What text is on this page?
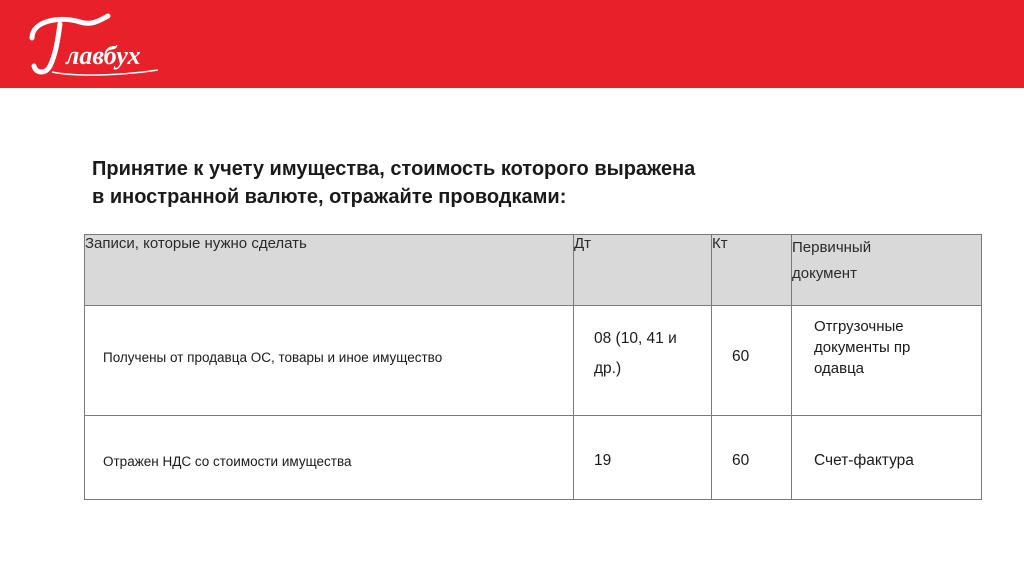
лавбух
Принятие к учету имущества, стоимость которого выражена
в иностранной валюте, отражайте проводками:
Записи, которые нужно сделать	Дт	Кт	Первичный
документ

Получены от продавца ОС, товары и иное имущество	08 (10, 41 и др.)	60	Отгрузочные документы продавца

Отражен НДС со стоимости имущества	19	60	Счет-фактура
